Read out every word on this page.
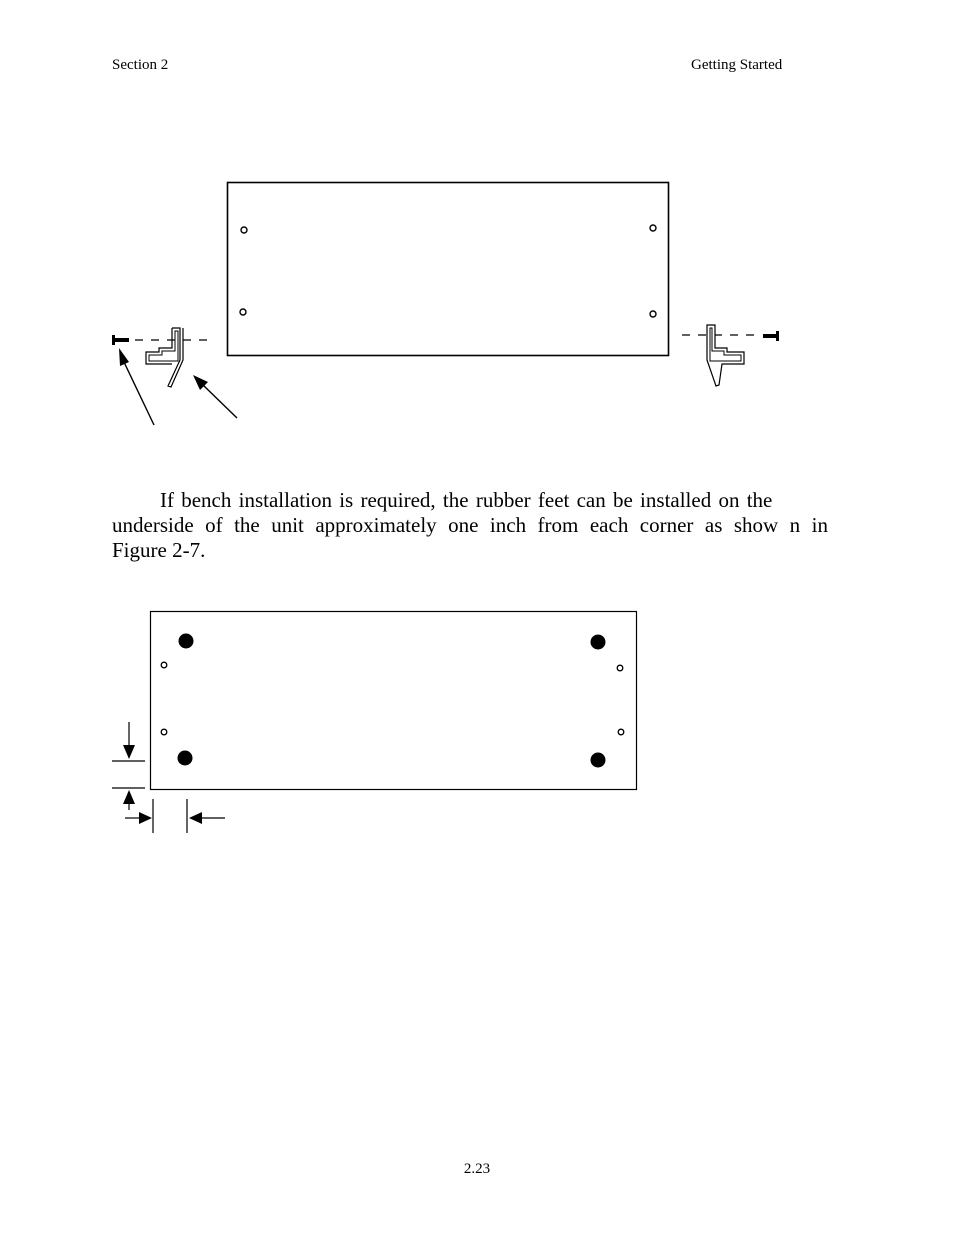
Section 2	Getting Started

If bench installation is required, the rubber feet can be installed on the
underside of the unit approximately one inch from each corner as show n in
Figure 2-7.

2.23
